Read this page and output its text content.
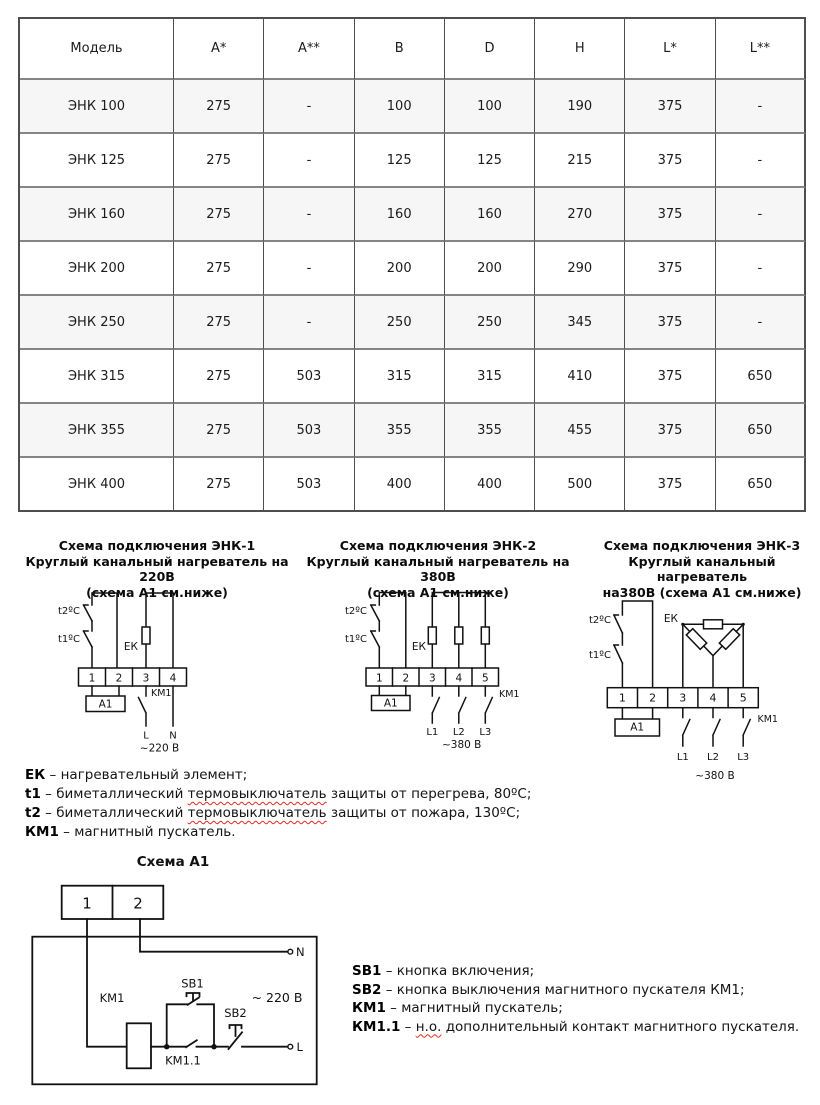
Модель	A*	A**	B	D	H	L*	L**
ЭНК 100	275	-	100	100	190	375	-
ЭНК 125	275	-	125	125	215	375	-
ЭНК 160	275	-	160	160	270	375	-
ЭНК 200	275	-	200	200	290	375	-
ЭНК 250	275	-	250	250	345	375	-
ЭНК 315	275	503	315	315	410	375	650
ЭНК 355	275	503	355	355	455	375	650
ЭНК 400	275	503	400	400	500	375	650
Схема подключения ЭНК-1
Круглый канальный нагреватель на 220В
(схема А1 см.ниже)
Схема подключения ЭНК-2
Круглый канальный нагреватель на 380В
(схема А1 см.ниже)
Схема подключения ЭНК-3
Круглый канальный нагреватель
на380В (схема А1 см.ниже)
t2ºC
t1ºC
ЕК
1 2 3 4
А1
KM1
L N
~220 В
t2ºC
t1ºC
ЕК
1 2 3 4 5
А1
KM1
L1 L2 L3
~380 В
t2ºC
t1ºC
ЕК
1 2 3 4 5
А1
KM1
L1 L2 L3
~380 В
ЕК – нагревательный элемент;
t1 – биметаллический термовыключатель защиты от перегрева, 80ºС;
t2 – биметаллический термовыключатель защиты от пожара, 130ºС;
КМ1 – магнитный пускатель.
Схема А1
1	2
N
L
KM1
KM1.1
SB1
SB2
~ 220 В
SB1 – кнопка включения;
SB2 – кнопка выключения магнитного пускателя КМ1;
КМ1 – магнитный пускатель;
КМ1.1 – н.о. дополнительный контакт магнитного пускателя.
